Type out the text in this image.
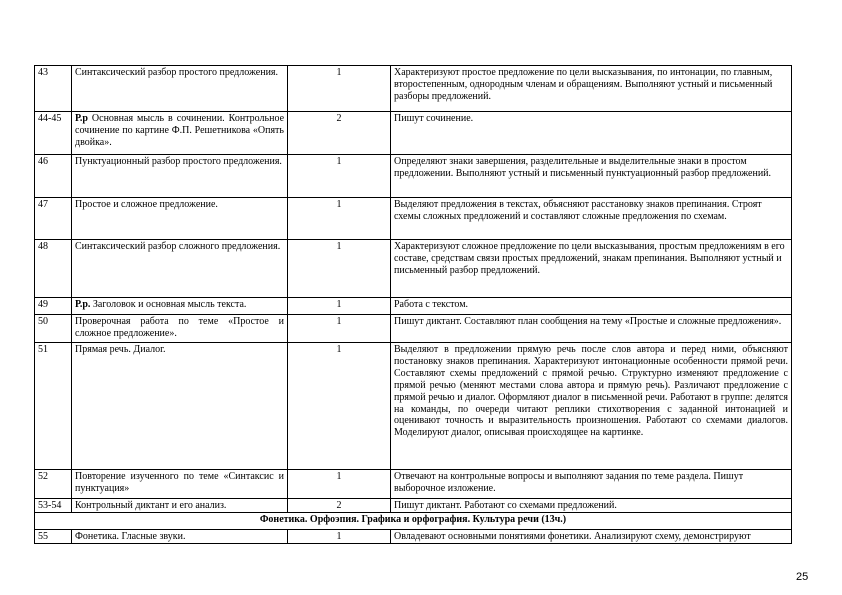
43	Синтаксический разбор простого предложения.	1	Характеризуют простое предложение по цели высказывания, по интонации, по главным, второстепенным, однородным членам и обращениям. Выполняют устный и письменный разборы предложений.
44-45	Р.р Основная мысль в сочинении. Контрольное сочинение по картине Ф.П. Решетникова «Опять двойка».	2	Пишут сочинение.
46	Пунктуационный разбор простого предложения.	1	Определяют знаки завершения, разделительные и выделительные знаки в простом предложении. Выполняют устный и письменный пунктуационный разбор предложений.
47	Простое и сложное предложение.	1	Выделяют предложения в текстах, объясняют расстановку знаков препинания. Строят схемы сложных предложений и составляют сложные предложения по схемам.
48	Синтаксический разбор сложного предложения.	1	Характеризуют сложное предложение по цели высказывания, простым предложениям в его составе, средствам связи простых предложений, знакам препинания. Выполняют устный и письменный разбор предложений.
49	Р.р. Заголовок и основная мысль текста.	1	Работа с текстом.
50	Проверочная работа по теме «Простое и сложное предложение».	1	Пишут диктант. Составляют план сообщения на тему «Простые и сложные предложения».
51	Прямая речь. Диалог.	1	Выделяют в предложении прямую речь после слов автора и перед ними, объясняют постановку знаков препинания. Характеризуют интонационные особенности прямой речи. Составляют схемы предложений с прямой речью. Структурно изменяют предложение с прямой речью (меняют местами слова автора и прямую речь). Различают предложение с прямой речью и диалог. Оформляют диалог в письменной речи. Работают в группе: делятся на команды, по очереди читают реплики стихотворения с заданной интонацией и оценивают точность и выразительность произношения. Работают со схемами диалогов. Моделируют диалог, описывая происходящее на картинке.
52	Повторение изученного по теме «Синтаксис и пунктуация»	1	Отвечают на контрольные вопросы и выполняют задания по теме раздела. Пишут выборочное изложение.
53-54	Контрольный диктант и его анализ.	2	Пишут диктант. Работают со схемами предложений.
Фонетика. Орфоэпия. Графика и орфография. Культура речи (13ч.)			
55	Фонетика. Гласные звуки.	1	Овладевают основными понятиями фонетики. Анализируют схему, демонстрируют
25
